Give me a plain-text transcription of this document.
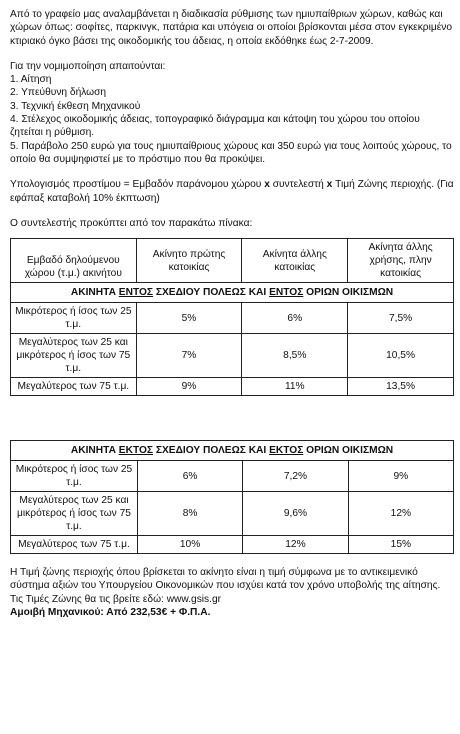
Από το γραφείο μας αναλαμβάνεται η διαδικασία ρύθμισης των ημιυπαίθριων χώρων, καθώς και χώρων όπως: σοφίτες, παρκινγκ, πατάρια και υπόγεια οι οποίοι βρίσκονται μέσα στον εγκεκριμένο κτιριακό όγκο βάσει της οικοδομικής του άδειας, η οποία εκδόθηκε έως 2-7-2009.

Για την νομιμοποίηση απαιτούνται:

1. Αίτηση

2. Υπεύθυνη δήλωση

3. Τεχνική έκθεση Μηχανικού

4. Στέλεχος οικοδομικής άδειας, τοπογραφικό διάγραμμα και κάτοψη του χώρου του οποίου ζητείται η ρύθμιση.

5. Παράβολο 250 ευρώ για τους ημιυπαίθριους χώρους και 350 ευρώ για τους λοιπούς χώρους, το οποίο θα συμψηφιστεί με το πρόστιμο που θα προκύψει.

Υπολογισμός προστίμου = Εμβαδόν παράνομου χώρου x συντελεστή x Τιμή Ζώνης περιοχής. (Για εφάπαξ καταβολή 10% έκπτωση)

Ο συντελεστής προκύπτει από τον παρακάτω πίνακα:

Εμβαδό δηλούμενου χώρου (τ.μ.) ακινήτου	Ακίνητο πρώτης κατοικίας	Ακίνητα άλλης κατοικίας	Ακίνητα άλλης χρήσης, πλην κατοικίας
ΑΚΙΝΗΤΑ ΕΝΤΟΣ ΣΧΕΔΙΟΥ ΠΟΛΕΩΣ ΚΑΙ ΕΝΤΟΣ ΟΡΙΩΝ ΟΙΚΙΣΜΩΝ			
Μικρότερος ή ίσος των 25 τ.μ.	5%	6%	7,5%
Μεγαλύτερος των 25 και μικρότερος ή ίσος των 75 τ.μ.	7%	8,5%	10,5%
Μεγαλύτερος των 75 τ.μ.	9%	11%	13,5%
ΑΚΙΝΗΤΑ ΕΚΤΟΣ ΣΧΕΔΙΟΥ ΠΟΛΕΩΣ ΚΑΙ ΕΚΤΟΣ ΟΡΙΩΝ ΟΙΚΙΣΜΩΝ			
Μικρότερος ή ίσος των 25 τ.μ.	6%	7,2%	9%
Μεγαλύτερος των 25 και μικρότερος ή ίσος των 75 τ.μ.	8%	9,6%	12%
Μεγαλύτερος των 75 τ.μ.	10%	12%	15%

Η Τιμή ζώνης περιοχής όπου βρίσκεται το ακίνητο είναι η τιμή σύμφωνα με το αντικειμενικό σύστημα αξιών του Υπουργείου Οικονομικών που ισχύει κατά τον χρόνο υποβολής της αίτησης. Τις Τιμές Ζώνης θα τις βρείτε εδώ: www.gsis.gr

Αμοιβή Μηχανικού: Από 232,53€ + Φ.Π.Α.
